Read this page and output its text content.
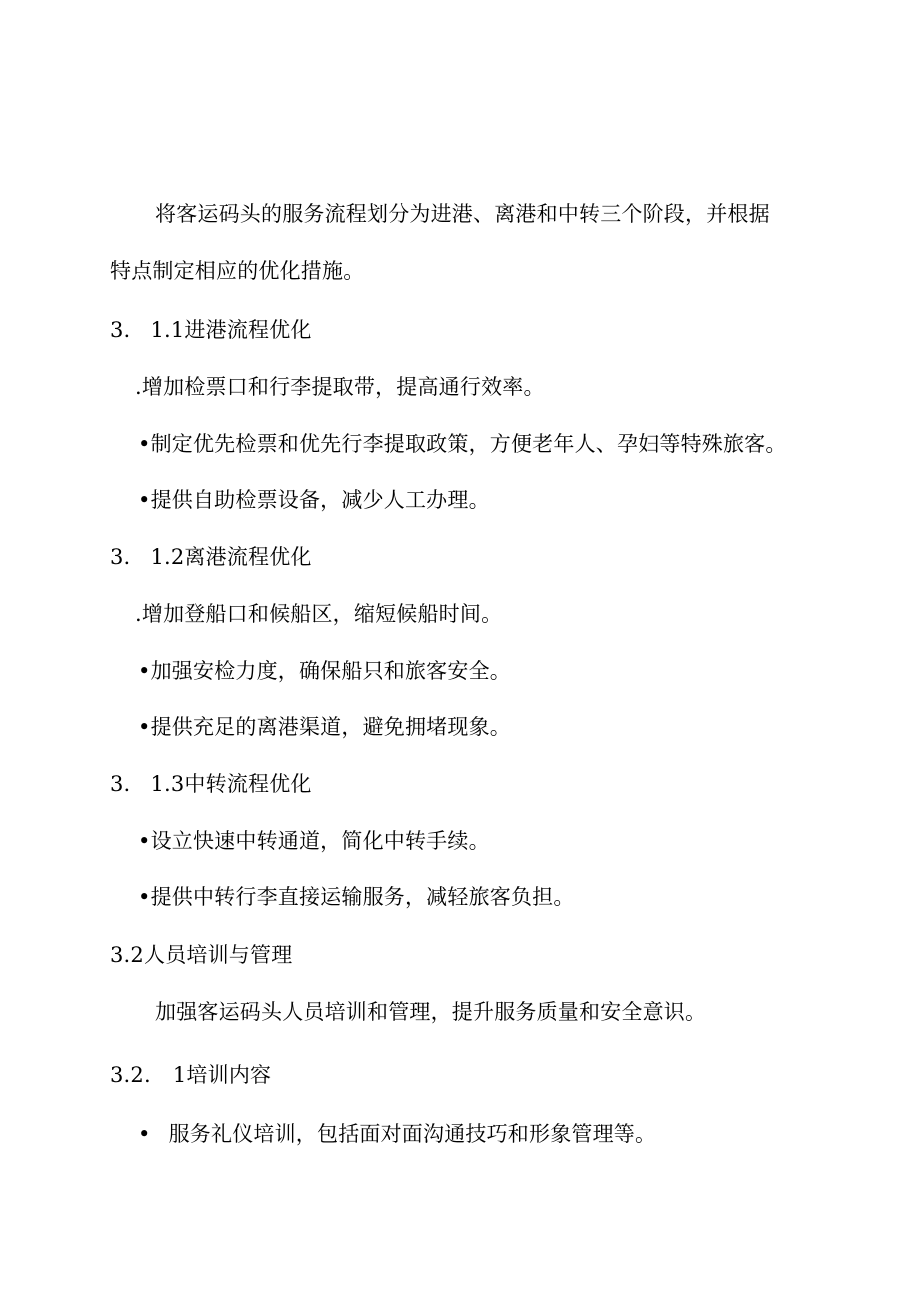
将客运码头的服务流程划分为进港、离港和中转三个阶段，并根据
特点制定相应的优化措施。
3. 1.1进港流程优化
.增加检票口和行李提取带，提高通行效率。
•制定优先检票和优先行李提取政策，方便老年人、孕妇等特殊旅客。
•提供自助检票设备，减少人工办理。
3. 1.2离港流程优化
.增加登船口和候船区，缩短候船时间。
•加强安检力度，确保船只和旅客安全。
•提供充足的离港渠道，避免拥堵现象。
3. 1.3中转流程优化
•设立快速中转通道，简化中转手续。
•提供中转行李直接运输服务，减轻旅客负担。
3.2人员培训与管理
加强客运码头人员培训和管理，提升服务质量和安全意识。
3.2. 1培训内容
• 服务礼仪培训，包括面对面沟通技巧和形象管理等。
